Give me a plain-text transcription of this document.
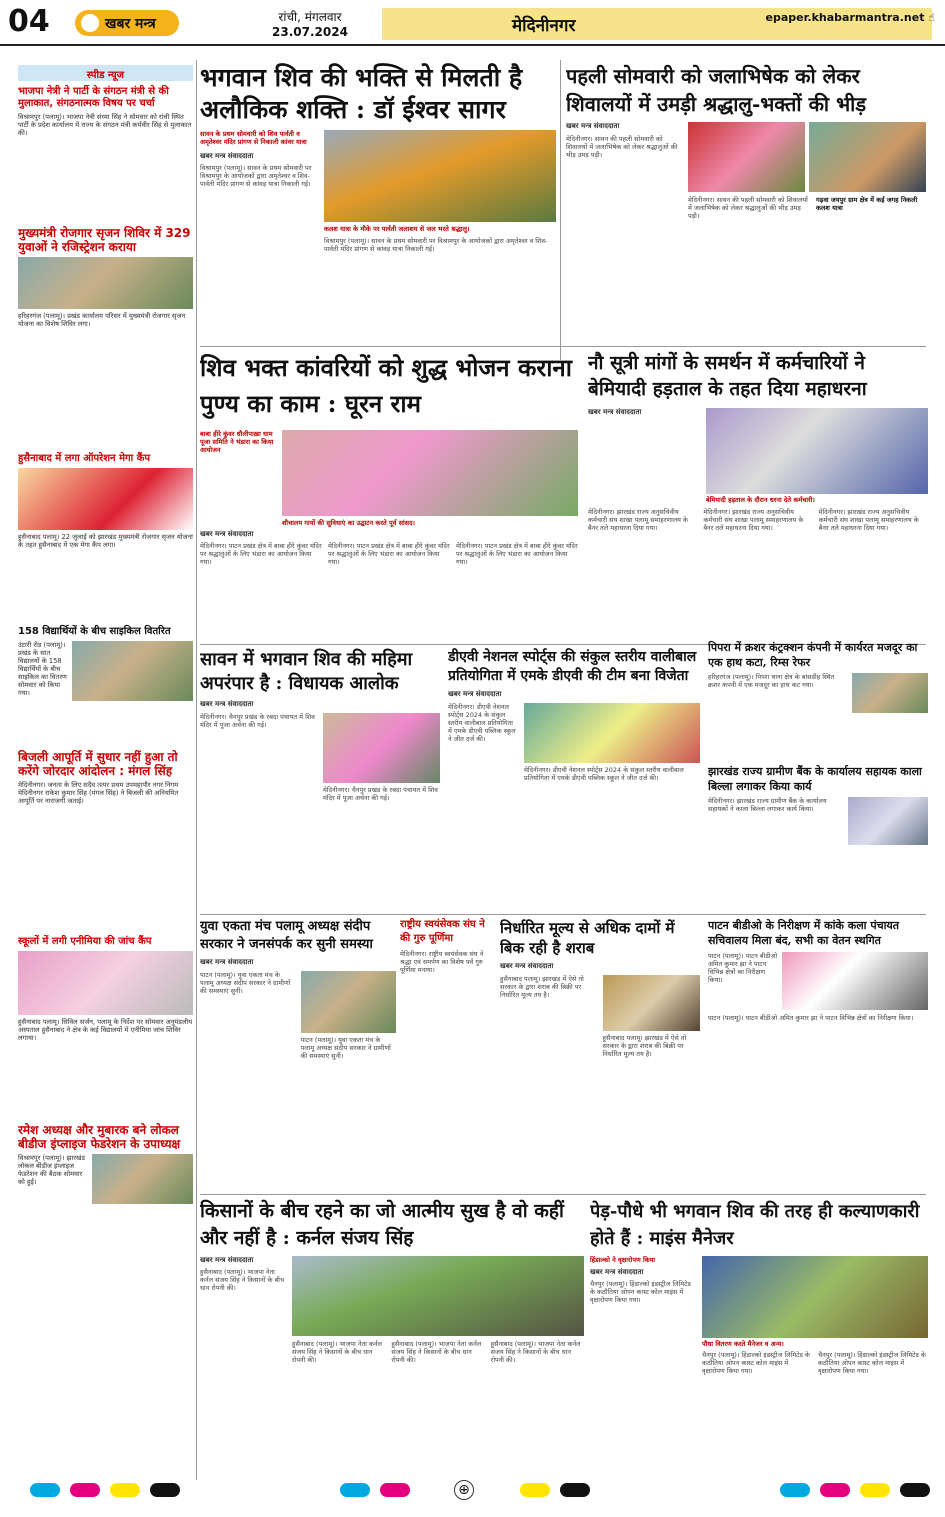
04	खबर मन्त्र	रांची, मंगलवार
23.07.2024	मेदिनीनगर	epaper.khabarmantra.net ☝
स्पीड न्यूज
भाजपा नेत्री ने पार्टी के संगठन मंत्री से की मुलाकात, संगठनात्मक विषय पर चर्चा
विश्रामपुर (पलामू)। भाजपा नेत्री संध्या सिंह ने सोमवार को रांची स्थित पार्टी के प्रदेश कार्यालय में राज्य के संगठन मंत्री कर्मवीर सिंह से मुलाकात की।
मुख्यमंत्री रोजगार सृजन शिविर में 329 युवाओं ने रजिस्ट्रेशन कराया
हरिहरगंज (पलामू)। प्रखंड कार्यालय परिसर में मुख्यमंत्री रोजगार सृजन योजना का विशेष शिविर लगा।
हुसैनाबाद में लगा ऑपरेशन मेगा कैंप
हुसैनाबाद पलामू। 22 जुलाई को झारखंड मुख्यमंत्री रोजगार सृजन योजना के तहत हुसैनाबाद में एक मेगा कैंप लगा।
158 विद्यार्थियों के बीच साइकिल वितरित
उंटारी रोड (पलामू)। प्रखंड के सात विद्यालयों के 158 विद्यार्थियों के बीच साइकिल का वितरण सोमवार को किया गया।
बिजली आपूर्ति में सुधार नहीं हुआ तो करेंगे जोरदार आंदोलन : मंगल सिंह
मेदिनीनगर। जनता के लिए सदैव तत्पर प्रथम उपमहापौर नगर निगम मेदिनीनगर राकेश कुमार सिंह (मंगल सिंह) ने बिजली की अनियमित आपूर्ति पर नाराजगी जताई।
स्कूलों में लगी एनीमिया की जांच कैंप
हुसैनाबाद पलामू। सिविल सर्जन, पलामू के निर्देश पर सोमवार अनुमंडलीय अस्पताल हुसैनाबाद ने क्षेत्र के कई विद्यालयों में एनीमिया जांच शिविर लगाया।
रमेश अध्यक्ष और मुबारक बने लोकल बीडीज इंप्लाइज फेडरेशन के उपाध्यक्ष
विश्रामपुर (पलामू)। झारखंड लोकल बीडीज इंप्लाइज फेडरेशन की बैठक सोमवार को हुई।
भगवान शिव की भक्ति से मिलती है अलौकिक शक्ति : डॉ ईश्वर सागर
सावन के प्रथम सोमवारी को शिव पार्वती व अमृतेश्वर मंदिर प्रांगण से निकाली कांवर यात्रा
खबर मन्त्र संवाददाता
विश्रामपुर (पलामू)। सावन के प्रथम सोमवारी पर विश्रामपुर के आयोजकों द्वारा अमृतेश्वर व शिव-पार्वती मंदिर प्रांगण से कांवड़ यात्रा निकाली गई।
कलश यात्रा के मौके पर पार्वती जलाशय से जल भरते श्रद्धालु।
विश्रामपुर (पलामू)। सावन के प्रथम सोमवारी पर विश्रामपुर के आयोजकों द्वारा अमृतेश्वर व शिव-पार्वती मंदिर प्रांगण से कांवड़ यात्रा निकाली गई।
पहली सोमवारी को जलाभिषेक को लेकर शिवालयों में उमड़ी श्रद्धालु-भक्तों की भीड़
खबर मन्त्र संवाददाता
मेदिनीनगर। सावन की पहली सोमवारी को शिवालयों में जलाभिषेक को लेकर श्रद्धालुओं की भीड़ उमड़ पड़ी।
मेदिनीनगर। सावन की पहली सोमवारी को शिवालयों में जलाभिषेक को लेकर श्रद्धालुओं की भीड़ उमड़ पड़ी।
गढ़वा जयपुर ग्राम क्षेत्र में कई जगह निकली कलश यात्रा
शिव भक्त कांवरियों को शुद्ध भोजन कराना पुण्य का काम : घूरन राम
बाबा हीरे कुंवर धौलीपाख़ा धाम पूजा समिति ने भंडारा का किया आयोजन
शौचालय गायों की सुविधाएं का उद्घाटन करते पूर्व सांसद।
खबर मन्त्र संवाददाता
मेदिनीनगर। पाटन प्रखंड क्षेत्र में बाबा हीरे कुंवर मंदिर पर श्रद्धालुओं के लिए भंडारा का आयोजन किया गया।
मेदिनीनगर। पाटन प्रखंड क्षेत्र में बाबा हीरे कुंवर मंदिर पर श्रद्धालुओं के लिए भंडारा का आयोजन किया गया।
मेदिनीनगर। पाटन प्रखंड क्षेत्र में बाबा हीरे कुंवर मंदिर पर श्रद्धालुओं के लिए भंडारा का आयोजन किया गया।
नौ सूत्री मांगों के समर्थन में कर्मचारियों ने बेमियादी हड़ताल के तहत दिया महाधरना
खबर मन्त्र संवाददाता
बेमियादी हड़ताल के दौरान धरना देते कर्मचारी।
मेदिनीनगर। झारखंड राज्य अनुसचिवीय कर्मचारी संघ शाखा पलामू समाहरणालय के बैनर तले महाधरना दिया गया।
मेदिनीनगर। झारखंड राज्य अनुसचिवीय कर्मचारी संघ शाखा पलामू समाहरणालय के बैनर तले महाधरना दिया गया।
मेदिनीनगर। झारखंड राज्य अनुसचिवीय कर्मचारी संघ शाखा पलामू समाहरणालय के बैनर तले महाधरना दिया गया।
सावन में भगवान शिव की महिमा अपरंपार है : विधायक आलोक
खबर मन्त्र संवाददाता
मेदिनीनगर। चैनपुर प्रखंड के रबदा पंचायत में शिव मंदिर में पूजा अर्चना की गई।
मेदिनीनगर। चैनपुर प्रखंड के रबदा पंचायत में शिव मंदिर में पूजा अर्चना की गई।
डीएवी नेशनल स्पोर्ट्स की संकुल स्तरीय वालीबाल प्रतियोगिता में एमके डीएवी की टीम बना विजेता
खबर मन्त्र संवाददाता
मेदिनीनगर। डीएवी नेशनल स्पोर्ट्स 2024 के संकुल स्तरीय वालीबाल प्रतियोगिता में एमके डीएवी पब्लिक स्कूल ने जीत दर्ज की।
मेदिनीनगर। डीएवी नेशनल स्पोर्ट्स 2024 के संकुल स्तरीय वालीबाल प्रतियोगिता में एमके डीएवी पब्लिक स्कूल ने जीत दर्ज की।
पिपरा में क्रशर कंट्रक्शन कंपनी में कार्यरत मजदूर का एक हाथ कटा, रिम्स रेफर
हरिहरगंज (पलामू)। पिपरा थाना क्षेत्र के बांसडीह स्थित क्रशर कंपनी में एक मजदूर का हाथ कट गया।
झारखंड राज्य ग्रामीण बैंक के कार्यालय सहायक काला बिल्ला लगाकर किया कार्य
मेदिनीनगर। झारखंड राज्य ग्रामीण बैंक के कार्यालय सहायकों ने काला बिल्ला लगाकर कार्य किया।
युवा एकता मंच पलामू अध्यक्ष संदीप सरकार ने जनसंपर्क कर सुनी समस्या
खबर मन्त्र संवाददाता
पाटन (पलामू)। युवा एकता मंच के पलामू अध्यक्ष संदीप सरकार ने ग्रामीणों की समस्याएं सुनीं।
पाटन (पलामू)। युवा एकता मंच के पलामू अध्यक्ष संदीप सरकार ने ग्रामीणों की समस्याएं सुनीं।
राष्ट्रीय स्वयंसेवक संघ ने की गुरु पूर्णिमा
मेदिनीनगर। राष्ट्रीय स्वयंसेवक संघ ने श्रद्धा एवं समर्पण का विशेष पर्व गुरु पूर्णिमा मनाया।
निर्धारित मूल्य से अधिक दामों में बिक रही है शराब
खबर मन्त्र संवाददाता
हुसैनाबाद पलामू। झारखंड में ऐसे तो सरकार के द्वारा शराब की बिक्री पर निर्धारित मूल्य तय है।
हुसैनाबाद पलामू। झारखंड में ऐसे तो सरकार के द्वारा शराब की बिक्री पर निर्धारित मूल्य तय है।
पाटन बीडीओ के निरीक्षण में कांके कला पंचायत सचिवालय मिला बंद, सभी का वेतन स्थगित
पाटन (पलामू)। पाटन बीडीओ अमित कुमार झा ने पाटन विभिन्न क्षेत्रों का निरीक्षण किया।
पाटन (पलामू)। पाटन बीडीओ अमित कुमार झा ने पाटन विभिन्न क्षेत्रों का निरीक्षण किया।
किसानों के बीच रहने का जो आत्मीय सुख है वो कहीं और नहीं है : कर्नल संजय सिंह
खबर मन्त्र संवाददाता
हुसैनाबाद (पलामू)। भाजपा नेता कर्नल संजय सिंह ने किसानों के बीच धान रोपनी की।
हुसैनाबाद (पलामू)। भाजपा नेता कर्नल संजय सिंह ने किसानों के बीच धान रोपनी की।
हुसैनाबाद (पलामू)। भाजपा नेता कर्नल संजय सिंह ने किसानों के बीच धान रोपनी की।
हुसैनाबाद (पलामू)। भाजपा नेता कर्नल संजय सिंह ने किसानों के बीच धान रोपनी की।
पेड़-पौधे भी भगवान शिव की तरह ही कल्याणकारी होते हैं : माइंस मैनेजर
हिंडाल्को ने वृक्षारोपण किया
खबर मन्त्र संवाददाता
चैनपुर (पलामू)। हिंडाल्को इंडस्ट्रीज लिमिटेड के कठौतिया ओपन कास्ट कोल माइंस में वृक्षारोपण किया गया।
पौधा वितरण करते मैनेजर व अन्य।
चैनपुर (पलामू)। हिंडाल्को इंडस्ट्रीज लिमिटेड के कठौतिया ओपन कास्ट कोल माइंस में वृक्षारोपण किया गया।
चैनपुर (पलामू)। हिंडाल्को इंडस्ट्रीज लिमिटेड के कठौतिया ओपन कास्ट कोल माइंस में वृक्षारोपण किया गया।
⊕
